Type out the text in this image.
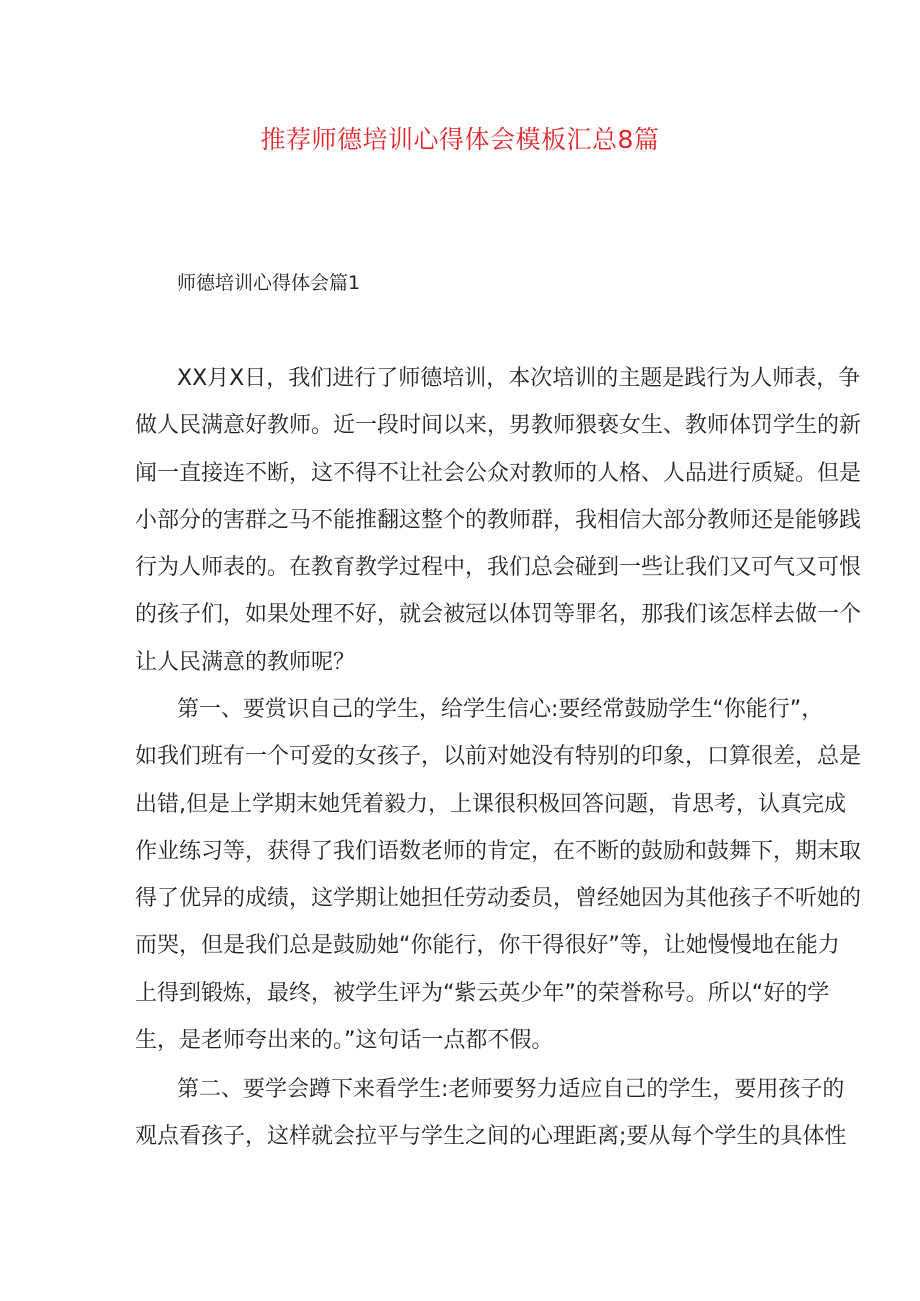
推荐师德培训心得体会模板汇总8篇
师德培训心得体会篇1
XX月X日，我们进行了师德培训，本次培训的主题是践行为人师表，争
做人民满意好教师。近一段时间以来，男教师猥亵女生、教师体罚学生的新
闻一直接连不断，这不得不让社会公众对教师的人格、人品进行质疑。但是
小部分的害群之马不能推翻这整个的教师群，我相信大部分教师还是能够践
行为人师表的。在教育教学过程中，我们总会碰到一些让我们又可气又可恨
的孩子们，如果处理不好，就会被冠以体罚等罪名，那我们该怎样去做一个
让人民满意的教师呢？
第一、要赏识自己的学生，给学生信心:要经常鼓励学生“你能行”，
如我们班有一个可爱的女孩子，以前对她没有特别的印象，口算很差，总是
出错,但是上学期末她凭着毅力，上课很积极回答问题，肯思考，认真完成
作业练习等，获得了我们语数老师的肯定，在不断的鼓励和鼓舞下，期末取
得了优异的成绩，这学期让她担任劳动委员，曾经她因为其他孩子不听她的
而哭，但是我们总是鼓励她“你能行，你干得很好”等，让她慢慢地在能力
上得到锻炼，最终，被学生评为“紫云英少年”的荣誉称号。所以“好的学
生，是老师夸出来的。”这句话一点都不假。
第二、要学会蹲下来看学生:老师要努力适应自己的学生，要用孩子的
观点看孩子，这样就会拉平与学生之间的心理距离;要从每个学生的具体性
